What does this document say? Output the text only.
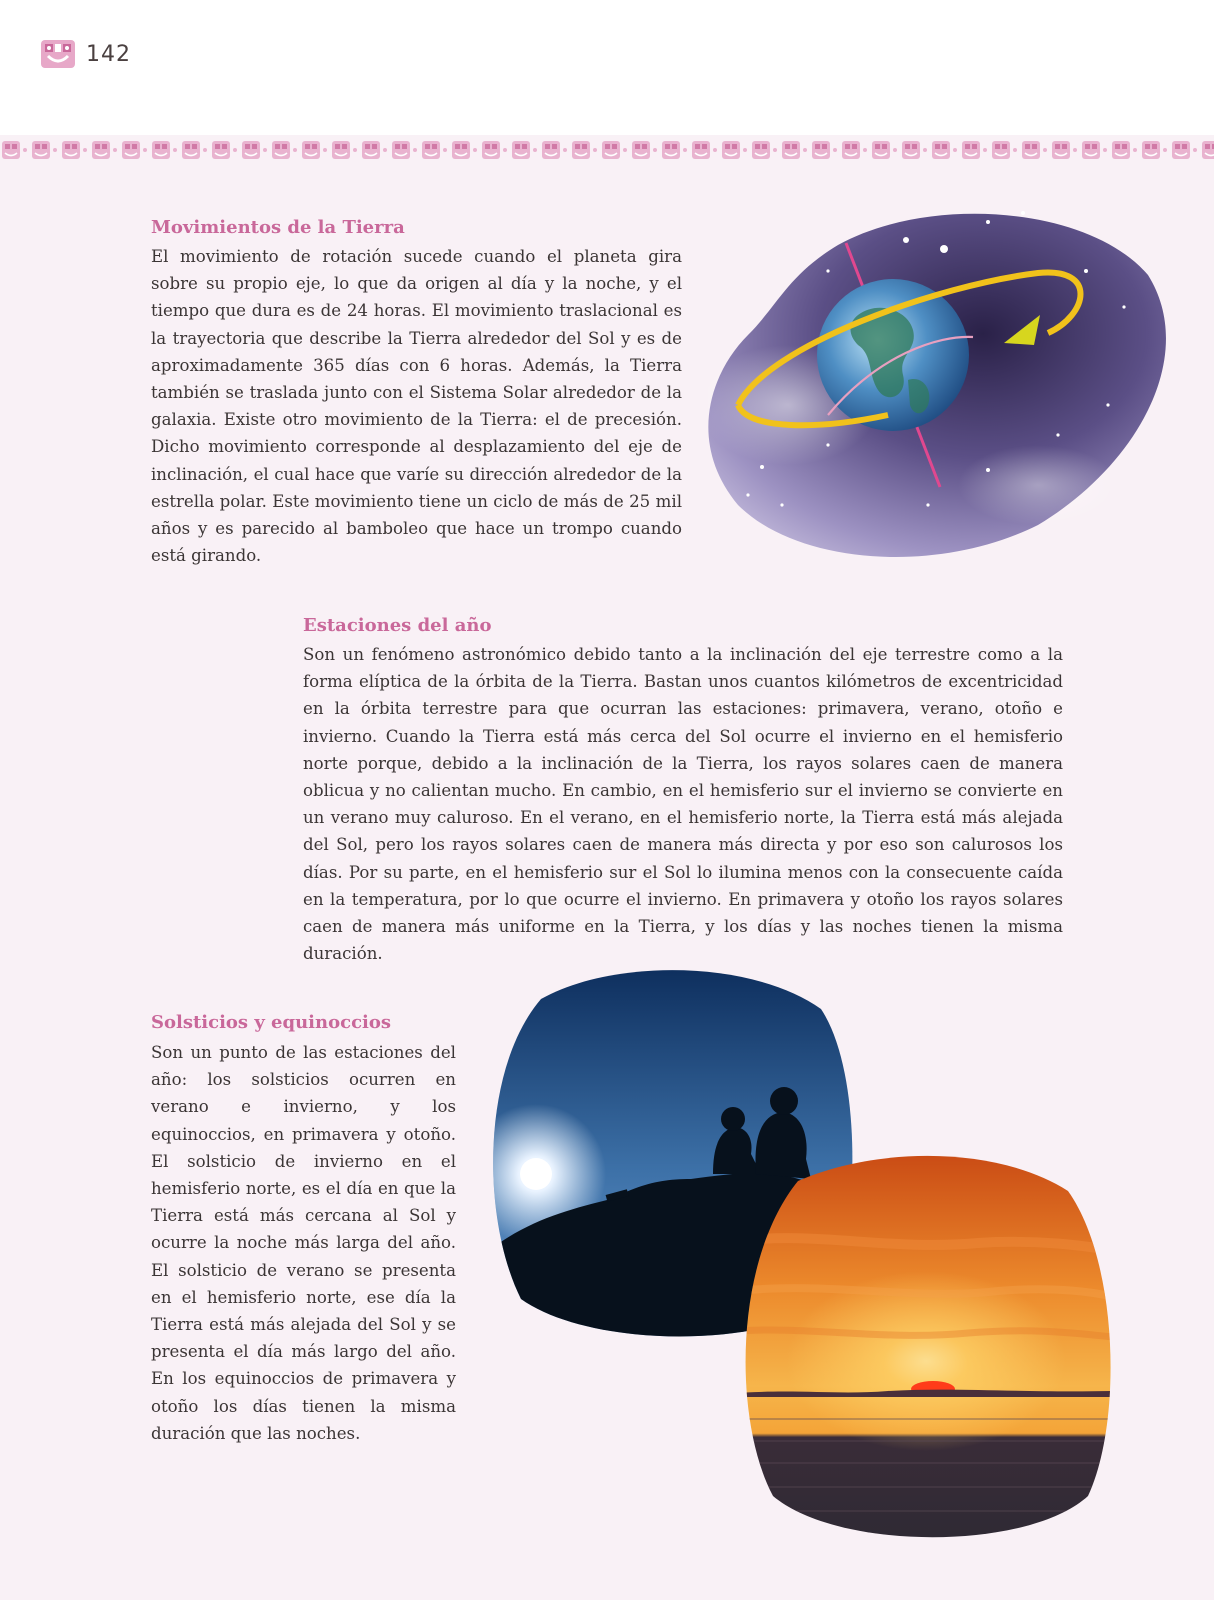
142
Movimientos de la Tierra

El movimiento de rotación sucede cuando el planeta gira sobre su propio eje, lo que da origen al día y la noche, y el tiempo que dura es de 24 horas. El movimiento traslacional es la trayectoria que describe la Tierra alrededor del Sol y es de aproximadamente 365 días con 6 horas. Además, la Tierra también se traslada junto con el Sistema Solar alrededor de la galaxia. Existe otro movimiento de la Tierra: el de precesión. Dicho movimiento corresponde al desplazamiento del eje de inclinación, el cual hace que varíe su dirección alrededor de la estrella polar. Este movimiento tiene un ciclo de más de 25 mil años y es parecido al bamboleo que hace un trompo cuando está girando.

Estaciones del año

Son un fenómeno astronómico debido tanto a la inclinación del eje terrestre como a la forma elíptica de la órbita de la Tierra. Bastan unos cuantos kilómetros de excentricidad en la órbita terrestre para que ocurran las estaciones: primavera, verano, otoño e invierno. Cuando la Tierra está más cerca del Sol ocurre el invierno en el hemisferio norte porque, debido a la inclinación de la Tierra, los rayos solares caen de manera oblicua y no calientan mucho. En cambio, en el hemisferio sur el invierno se convierte en un verano muy caluroso. En el verano, en el hemisferio norte, la Tierra está más alejada del Sol, pero los rayos solares caen de manera más directa y por eso son calurosos los días. Por su parte, en el hemisferio sur el Sol lo ilumina menos con la consecuente caída en la temperatura, por lo que ocurre el invierno. En primavera y otoño los rayos solares caen de manera más uniforme en la Tierra, y los días y las noches tienen la misma duración.

Solsticios y equinoccios

Son un punto de las estaciones del año: los solsticios ocurren en verano e invierno, y los equinoccios, en primavera y otoño. El solsticio de invierno en el hemisferio norte, es el día en que la Tierra está más cercana al Sol y ocurre la noche más larga del año. El solsticio de verano se presenta en el hemisferio norte, ese día la Tierra está más alejada del Sol y se presenta el día más largo del año. En los equinoccios de primavera y otoño los días tienen la misma duración que las noches.
